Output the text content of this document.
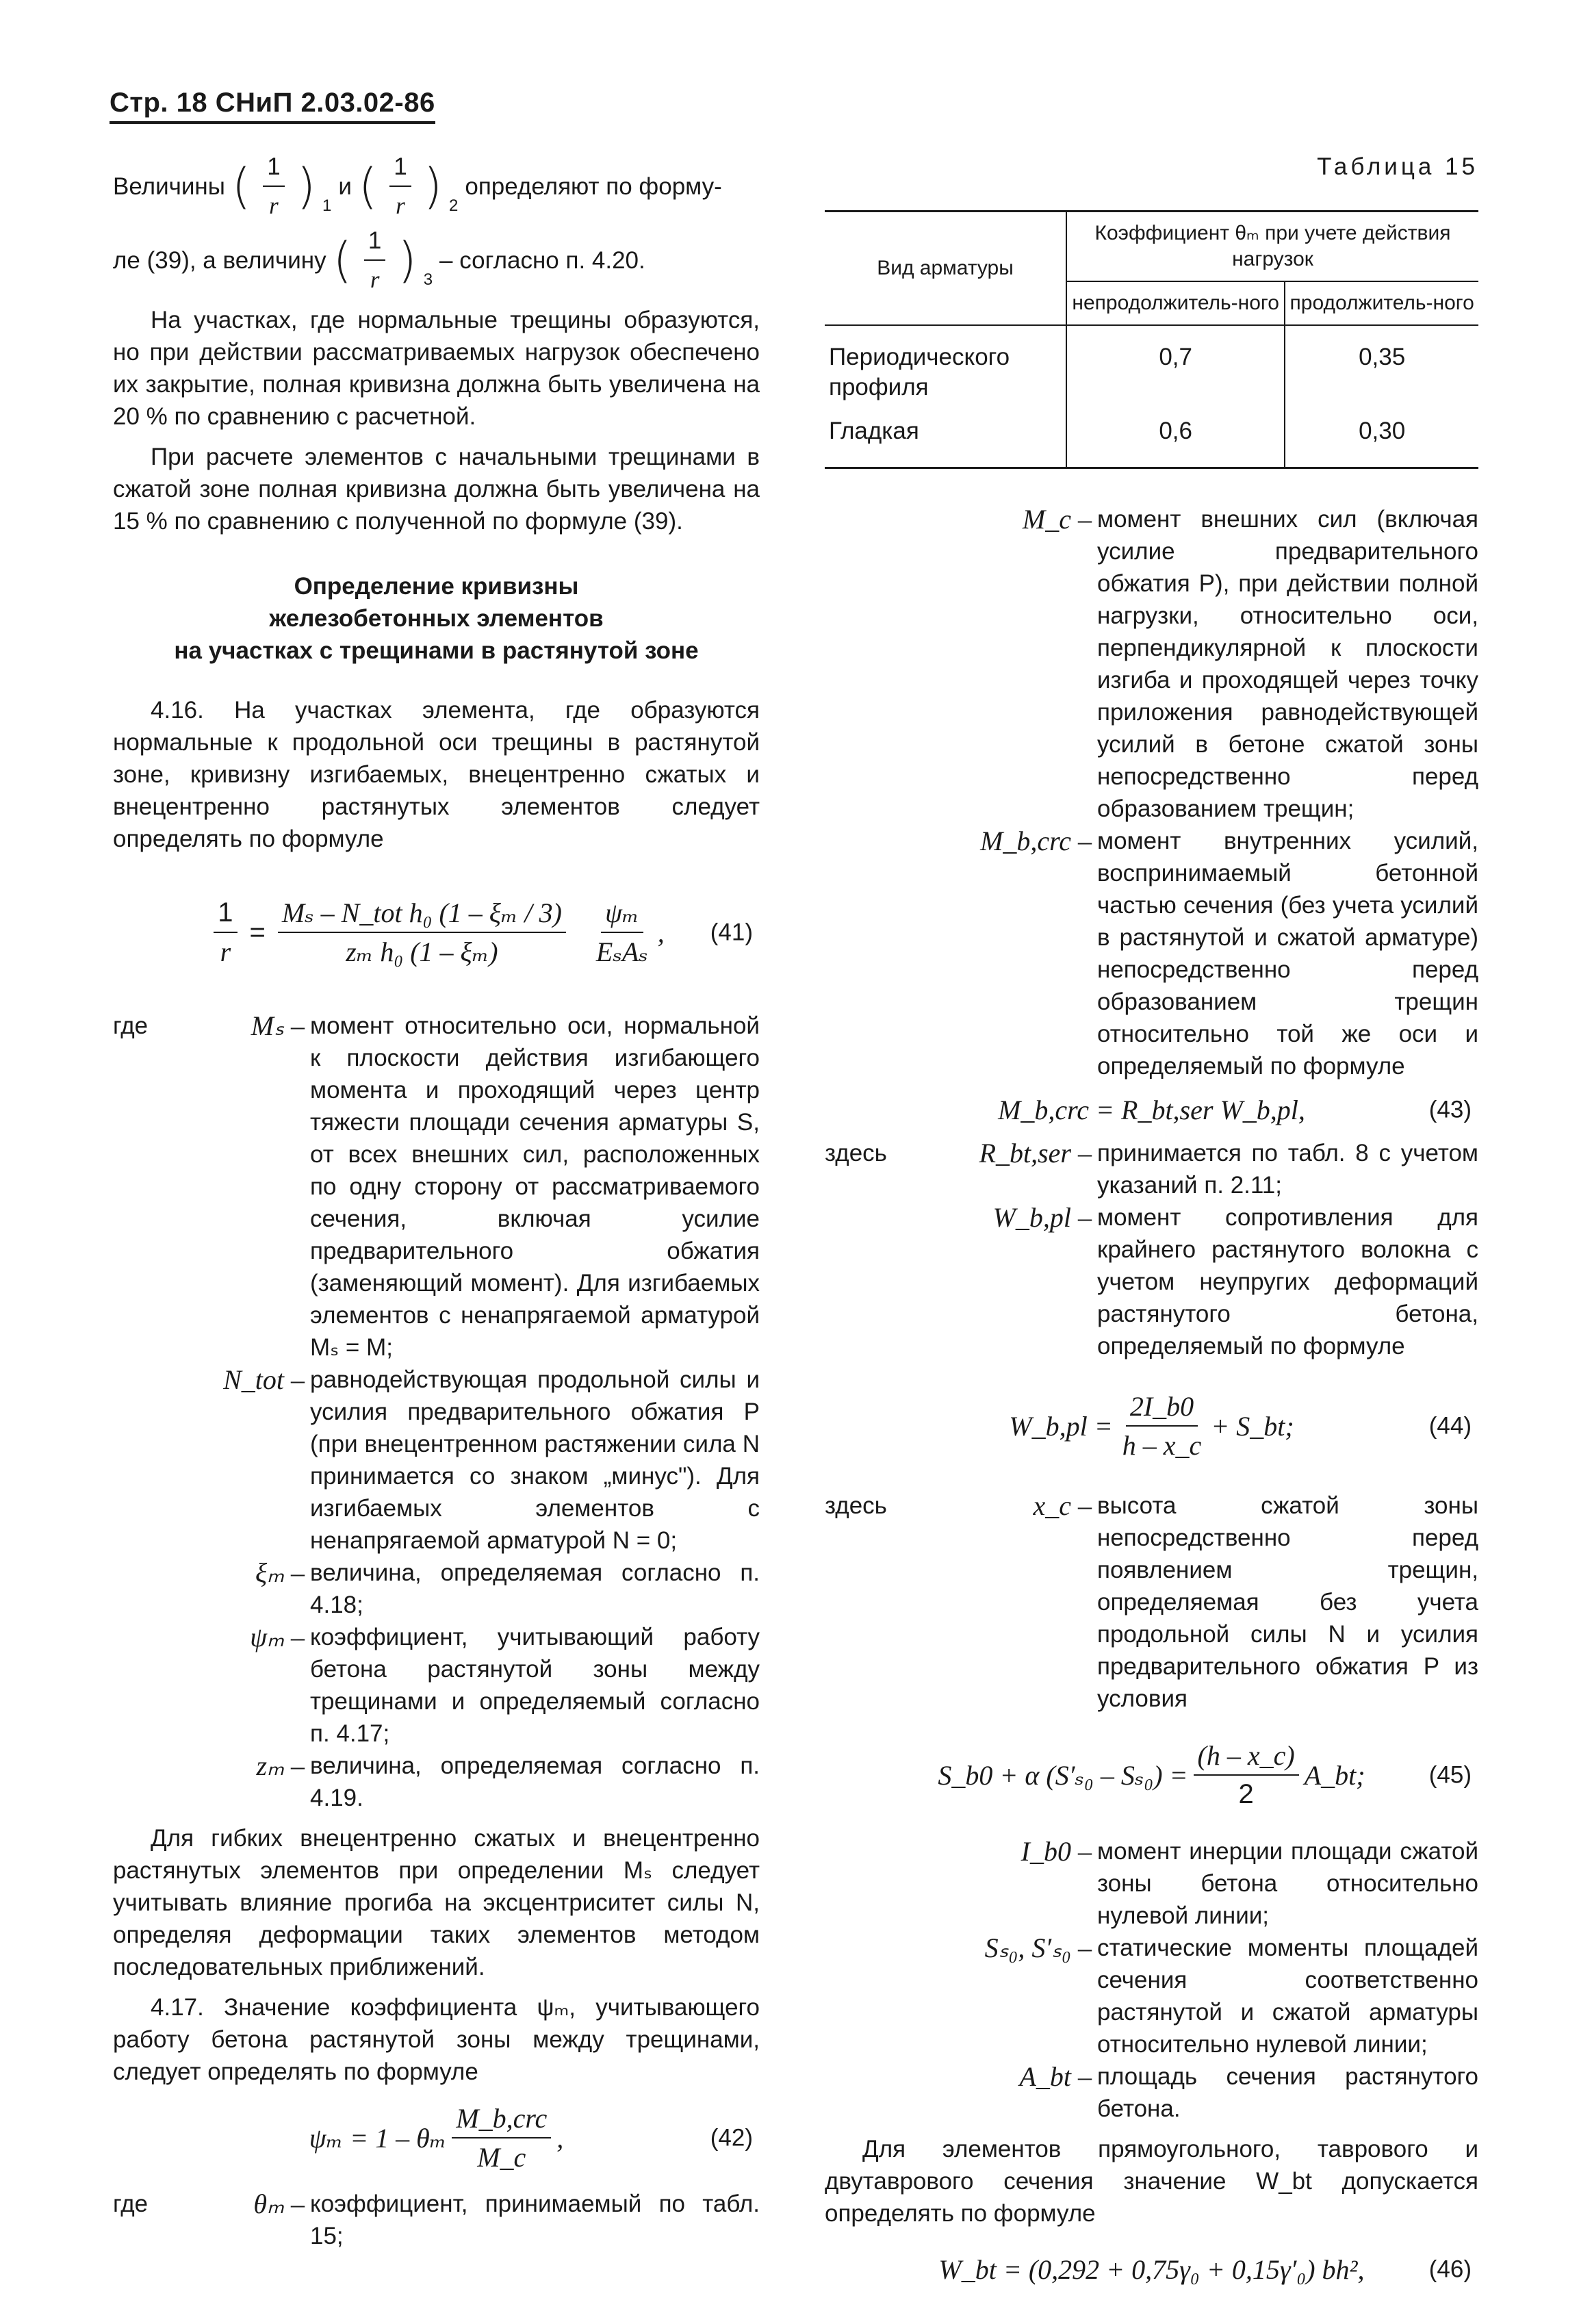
Стр. 18 СНиП 2.03.02-86

Величины ( $\frac{1}{r}$ ) $_1$
и ( $\frac{1}{r}$ ) $_2$
определяют по форму-

ле (39), а величину ( $\frac{1}{r}$ ) $_3$
– согласно п. 4.20.

На участках, где нормальные трещины образуются, но при действии рассматриваемых нагрузок обеспечено их закрытие, полная кривизна должна быть увеличена на 20 % по сравнению с расчетной.

При расчете элементов с начальными трещинами в сжатой зоне полная кривизна должна быть увеличена на 15 % по сравнению с полученной по формуле (39).

Определение кривизны
железобетонных элементов
на участках с трещинами в растянутой зоне

4.16. На участках элемента, где образуются нормальные к продольной оси трещины в растянутой зоне, кривизну изгибаемых, внецентренно сжатых и внецентренно растянутых элементов следует определять по формуле

$\frac{1}{r} = \frac{\text{Mₛ – N\_tot h₀ (1 – ξₘ / 3)}}{\text{zₘ h₀ (1 – ξₘ)}} \frac{\text{ψₘ}}{\text{EₛAₛ}}$ , (41)
где	Mₛ – момент относительно оси, нормальной к плоскости действия изгибающего момента и проходящий через центр тяжести площади сечения арматуры S, от всех внешних сил, расположенных по одну сторону от рассматриваемого сечения, включая усилие предварительного обжатия (заменяющий момент). Для изгибаемых элементов с ненапрягаемой арматурой Mₛ = M;
N_tot – равнодействующая продольной силы и усилия предварительного обжатия P (при внецентренном растяжении сила N принимается со знаком „минус"). Для изгибаемых элементов с ненапрягаемой арматурой N = 0;
ξₘ – величина, определяемая согласно п. 4.18;
ψₘ – коэффициент, учитывающий работу бетона растянутой зоны между трещинами и определяемый согласно п. 4.17;
zₘ – величина, определяемая согласно п. 4.19.

Для гибких внецентренно сжатых и внецентренно растянутых элементов при определении Mₛ следует учитывать влияние прогиба на эксцентриситет силы N, определяя деформации таких элементов методом последовательных приближений.

4.17. Значение коэффициента ψₘ, учитывающего работу бетона растянутой зоны между трещинами, следует определять по формуле

ψₘ = 1 – θₘ $\frac{\text{M\_b,crc}}{M\_c}$ ,	(42)
где	θₘ – коэффициент, принимаемый по табл. 15;
Таблица 15
Вид арматуры	Коэффициент θₘ при учете действия нагрузок	
	непродолжитель-ного	продолжитель-ного
Периодического профиля	0,7	0,35
Гладкая	0,6	0,30
M_c – момент внешних сил (включая усилие предварительного обжатия P), при действии полной нагрузки, относительно оси, перпендикулярной к плоскости изгиба и проходящей через точку приложения равнодействующей усилий в бетоне сжатой зоны непосредственно перед образованием трещин;
M_b,crc – момент внутренних усилий, воспринимаемый бетонной частью сечения (без учета усилий в растянутой и сжатой арматуре) непосредственно перед образованием трещин относительно той же оси и определяемый по формуле
M_b,crc = R_bt,ser W_b,pl,	(43)
здесь	R_bt,ser – принимается по табл. 8 с учетом указаний п. 2.11;
W_b,pl – момент сопротивления для крайнего растянутого волокна с учетом неупругих деформаций растянутого бетона, определяемый по формуле
W_b,pl = $\frac{2I\_b0}{h - x\_c}$ + S_bt;	(44)
здесь	x_c – высота сжатой зоны непосредственно перед появлением трещин, определяемая без учета продольной силы N и усилия предварительного обжатия P из условия
S_b0 + α $(S'_{s0} - S_{s0}) = \frac{(h - x\_c)}{2}$ A_bt;	(45)
I_b0 – момент инерции площади сжатой зоны бетона относительно нулевой линии;
Sₛ₀, S′ₛ₀ – статические моменты площадей сечения соответственно растянутой и сжатой арматуры относительно нулевой линии;
A_bt – площадь сечения растянутого бетона.

Для элементов прямоугольного, таврового и двутаврового сечения значение W_bt допускается определять по формуле

W_bt = (0,292 + 0,75γ₀ + 0,15γ′₀) bh²,	(46)
